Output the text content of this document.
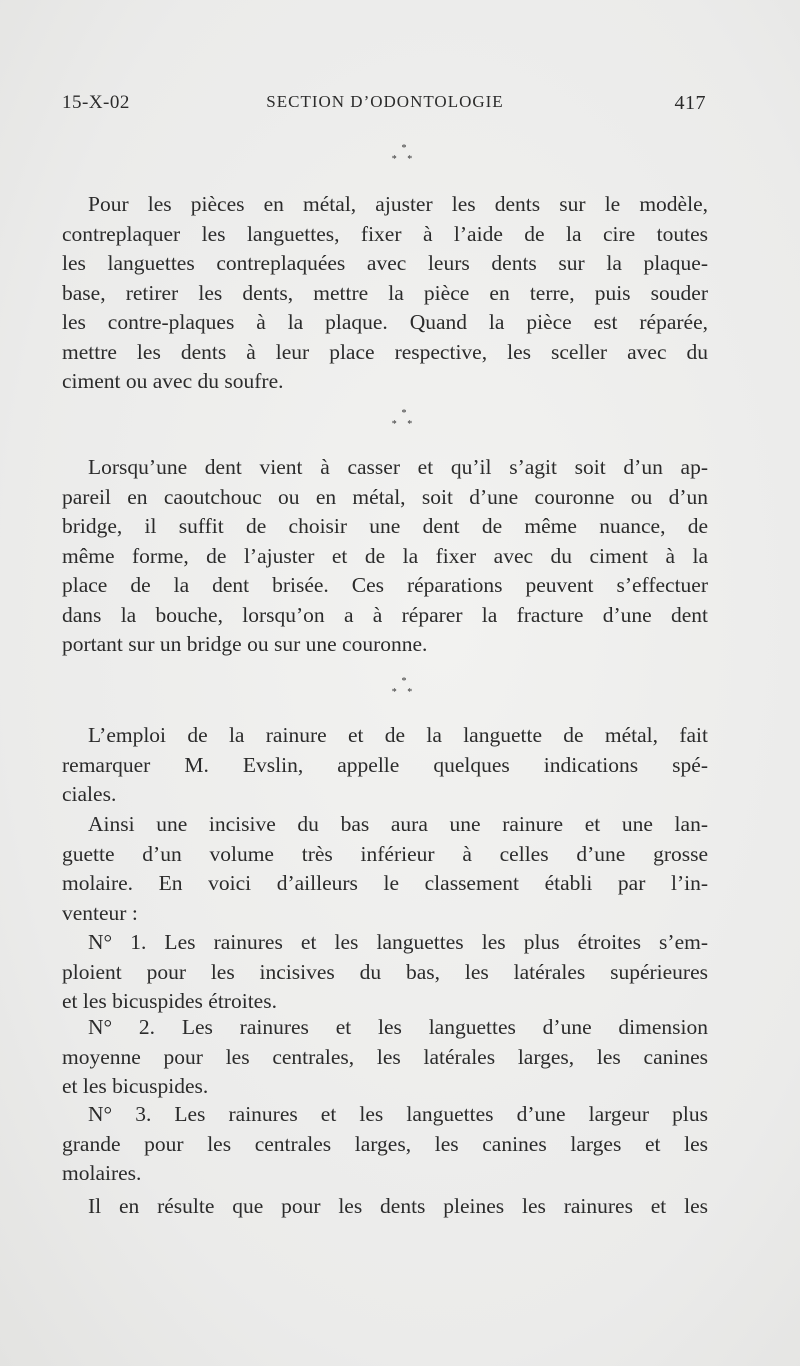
15-X-02	SECTION D’ODONTOLOGIE	417
*
* *
Pour les pièces en métal, ajuster les dents sur le modèle,
contreplaquer les languettes, fixer à l’aide de la cire toutes
les languettes contreplaquées avec leurs dents sur la plaque-
base, retirer les dents, mettre la pièce en terre, puis souder
les contre-plaques à la plaque. Quand la pièce est réparée,
mettre les dents à leur place respective, les sceller avec du
ciment ou avec du soufre.
*
* *
Lorsqu’une dent vient à casser et qu’il s’agit soit d’un ap-
pareil en caoutchouc ou en métal, soit d’une couronne ou d’un
bridge, il suffit de choisir une dent de même nuance, de
même forme, de l’ajuster et de la fixer avec du ciment à la
place de la dent brisée. Ces réparations peuvent s’effectuer
dans la bouche, lorsqu’on a à réparer la fracture d’une dent
portant sur un bridge ou sur une couronne.
*
* *
L’emploi de la rainure et de la languette de métal, fait
remarquer M. Evslin, appelle quelques indications spé-
ciales.
Ainsi une incisive du bas aura une rainure et une lan-
guette d’un volume très inférieur à celles d’une grosse
molaire. En voici d’ailleurs le classement établi par l’in-
venteur :
N° 1. Les rainures et les languettes les plus étroites s’em-
ploient pour les incisives du bas, les latérales supérieures
et les bicuspides étroites.
N° 2. Les rainures et les languettes d’une dimension
moyenne pour les centrales, les latérales larges, les canines
et les bicuspides.
N° 3. Les rainures et les languettes d’une largeur plus
grande pour les centrales larges, les canines larges et les
molaires.
Il en résulte que pour les dents pleines les rainures et les
